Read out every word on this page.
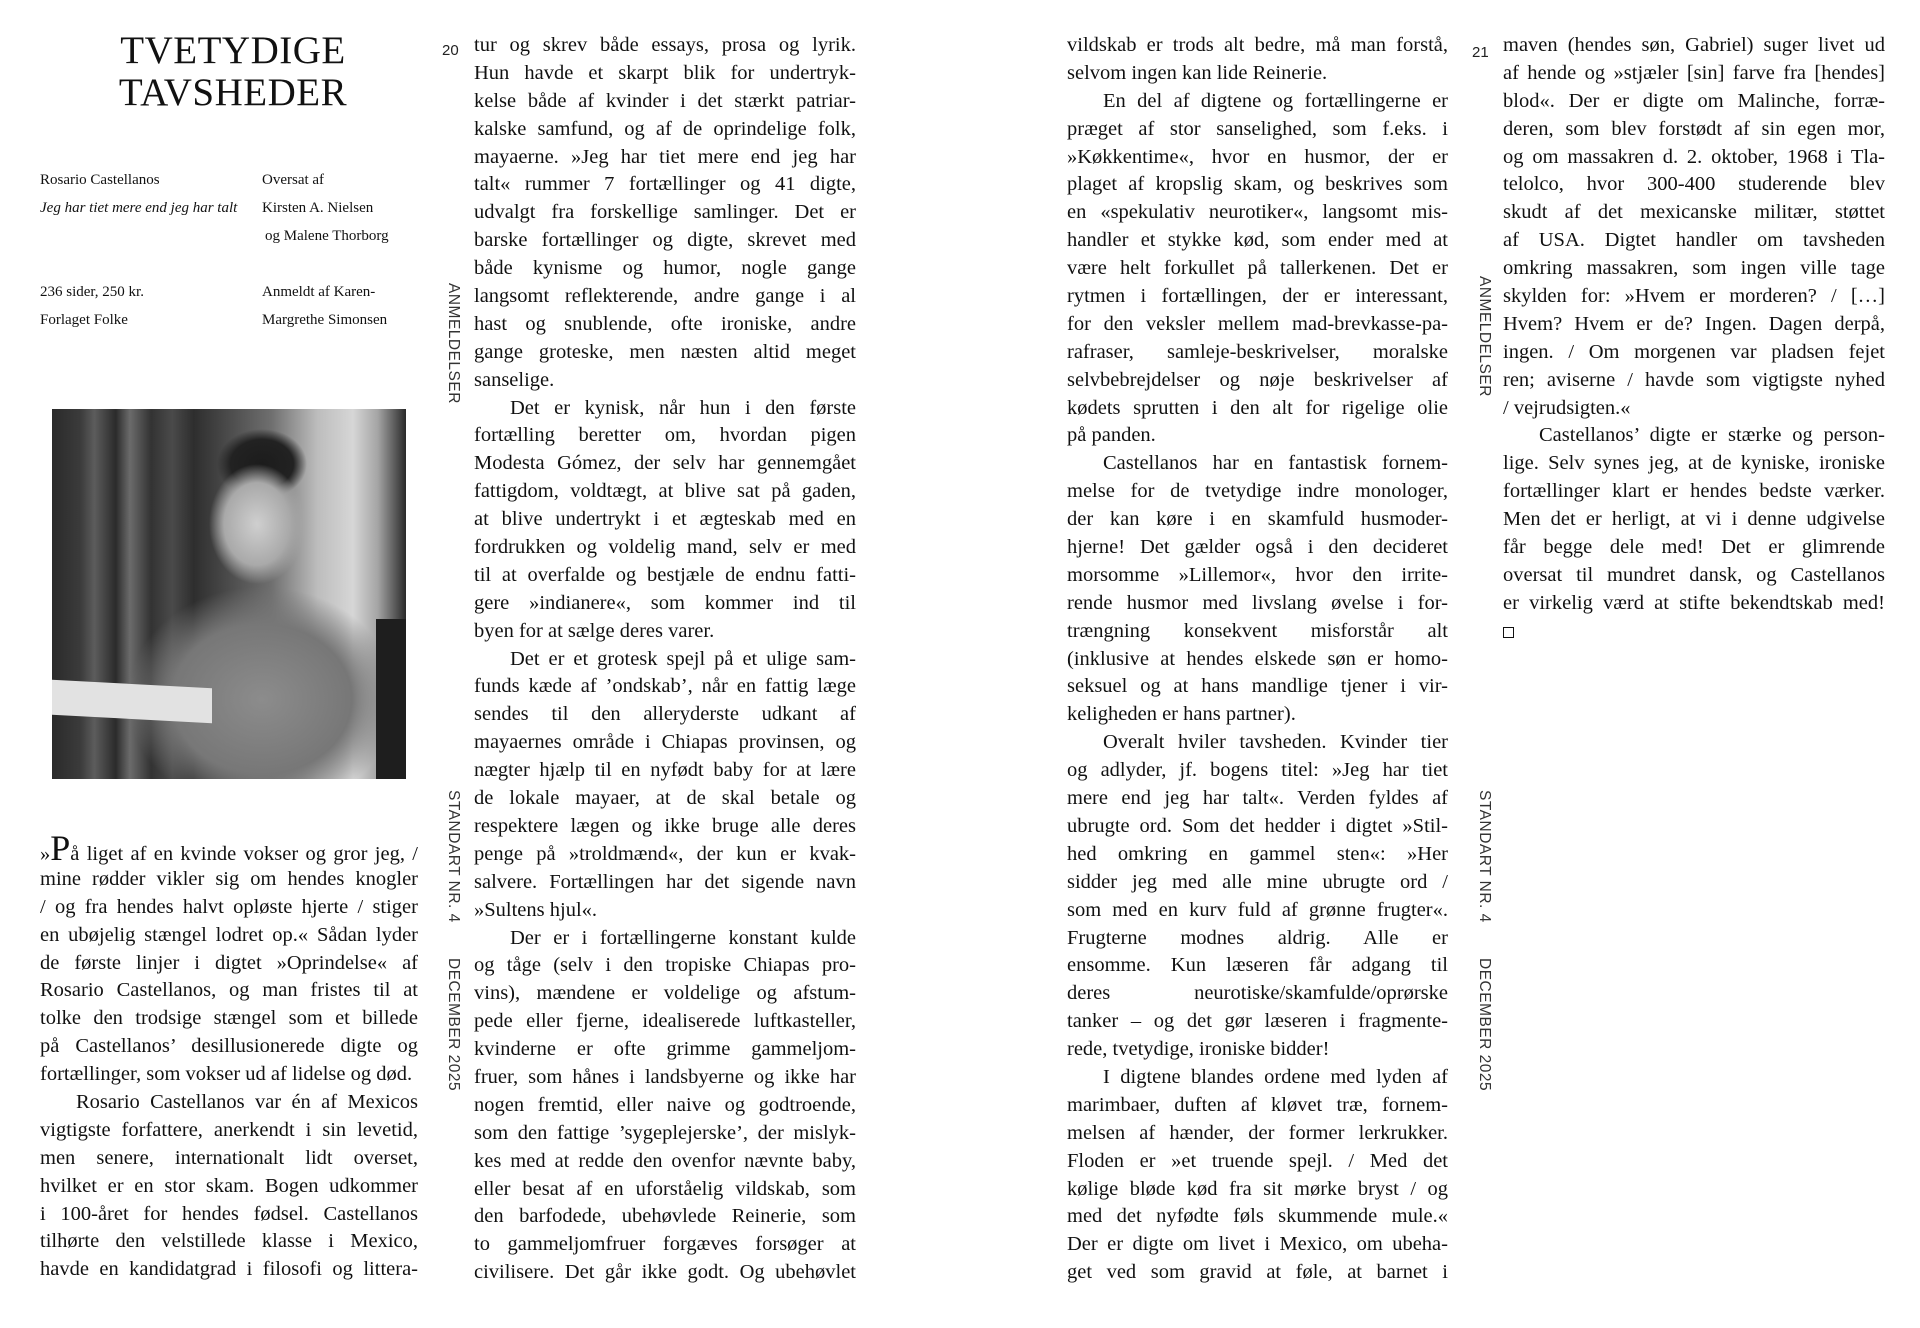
TVETYDIGE
TAVSHEDER
Rosario Castellanos
Jeg har tiet mere end jeg har talt
236 sider, 250 kr.
Forlaget Folke
Oversat af
Kirsten A. Nielsen
og Malene Thorborg
Anmeldt af Karen-
Margrethe Simonsen
»På liget af en kvinde vokser og gror jeg, /
mine rødder vikler sig om hendes knogler
/ og fra hendes halvt opløste hjerte / stiger
en ubøjelig stængel lodret op.« Sådan lyder
de første linjer i digtet »Oprindelse« af
Rosario Castellanos, og man fristes til at
tolke den trodsige stængel som et billede
på Castellanos’ desillusionerede digte og
fortællinger, som vokser ud af lidelse og død.
Rosario Castellanos var én af Mexicos
vigtigste forfattere, anerkendt i sin levetid,
men senere, internationalt lidt overset,
hvilket er en stor skam. Bogen udkommer
i 100-året for hendes fødsel. Castellanos
tilhørte den velstillede klasse i Mexico,
havde en kandidatgrad i filosofi og littera-
20
ANMELDELSER
STANDART NR. 4
DECEMBER 2025
tur og skrev både essays, prosa og lyrik.
Hun havde et skarpt blik for undertryk-
kelse både af kvinder i det stærkt patriar-
kalske samfund, og af de oprindelige folk,
mayaerne. »Jeg har tiet mere end jeg har
talt« rummer 7 fortællinger og 41 digte,
udvalgt fra forskellige samlinger. Det er
barske fortællinger og digte, skrevet med
både kynisme og humor, nogle gange
langsomt reflekterende, andre gange i al
hast og snublende, ofte ironiske, andre
gange groteske, men næsten altid meget
sanselige.
Det er kynisk, når hun i den første
fortælling beretter om, hvordan pigen
Modesta Gómez, der selv har gennemgået
fattigdom, voldtægt, at blive sat på gaden,
at blive undertrykt i et ægteskab med en
fordrukken og voldelig mand, selv er med
til at overfalde og bestjæle de endnu fatti-
gere »indianere«, som kommer ind til
byen for at sælge deres varer.
Det er et grotesk spejl på et ulige sam-
funds kæde af ’ondskab’, når en fattig læge
sendes til den alleryderste udkant af
mayaernes område i Chiapas provinsen, og
nægter hjælp til en nyfødt baby for at lære
de lokale mayaer, at de skal betale og
respektere lægen og ikke bruge alle deres
penge på »troldmænd«, der kun er kvak-
salvere. Fortællingen har det sigende navn
»Sultens hjul«.
Der er i fortællingerne konstant kulde
og tåge (selv i den tropiske Chiapas pro-
vins), mændene er voldelige og afstum-
pede eller fjerne, idealiserede luftkasteller,
kvinderne er ofte grimme gammeljom-
fruer, som hånes i landsbyerne og ikke har
nogen fremtid, eller naive og godtroende,
som den fattige ’sygeplejerske’, der mislyk-
kes med at redde den ovenfor nævnte baby,
eller besat af en uforståelig vildskab, som
den barfodede, ubehøvlede Reinerie, som
to gammeljomfruer forgæves forsøger at
civilisere. Det går ikke godt. Og ubehøvlet
vildskab er trods alt bedre, må man forstå,
selvom ingen kan lide Reinerie.
En del af digtene og fortællingerne er
præget af stor sanselighed, som f.eks. i
»Køkkentime«, hvor en husmor, der er
plaget af kropslig skam, og beskrives som
en «spekulativ neurotiker«, langsomt mis-
handler et stykke kød, som ender med at
være helt forkullet på tallerkenen. Det er
rytmen i fortællingen, der er interessant,
for den veksler mellem mad-brevkasse-pa-
rafraser, samleje-beskrivelser, moralske
selvbebrejdelser og nøje beskrivelser af
kødets sprutten i den alt for rigelige olie
på panden.
Castellanos har en fantastisk fornem-
melse for de tvetydige indre monologer,
der kan køre i en skamfuld husmoder-
hjerne! Det gælder også i den decideret
morsomme »Lillemor«, hvor den irrite-
rende husmor med livslang øvelse i for-
trængning konsekvent misforstår alt
(inklusive at hendes elskede søn er homo-
seksuel og at hans mandlige tjener i vir-
keligheden er hans partner).
Overalt hviler tavsheden. Kvinder tier
og adlyder, jf. bogens titel: »Jeg har tiet
mere end jeg har talt«. Verden fyldes af
ubrugte ord. Som det hedder i digtet »Stil-
hed omkring en gammel sten«: »Her
sidder jeg med alle mine ubrugte ord /
som med en kurv fuld af grønne frugter«.
Frugterne modnes aldrig. Alle er
ensomme. Kun læseren får adgang til
deres neurotiske/skamfulde/oprørske
tanker – og det gør læseren i fragmente-
rede, tvetydige, ironiske bidder!
I digtene blandes ordene med lyden af
marimbaer, duften af kløvet træ, fornem-
melsen af hænder, der former lerkrukker.
Floden er »et truende spejl. / Med det
kølige bløde kød fra sit mørke bryst / og
med det nyfødte føls skummende mule.«
Der er digte om livet i Mexico, om ubeha-
get ved som gravid at føle, at barnet i
21
ANMELDELSER
STANDART NR. 4
DECEMBER 2025
maven (hendes søn, Gabriel) suger livet ud
af hende og »stjæler [sin] farve fra [hendes]
blod«. Der er digte om Malinche, forræ-
deren, som blev forstødt af sin egen mor,
og om massakren d. 2. oktober, 1968 i Tla-
telolco, hvor 300-400 studerende blev
skudt af det mexicanske militær, støttet
af USA. Digtet handler om tavsheden
omkring massakren, som ingen ville tage
skylden for: »Hvem er morderen? / […]
Hvem? Hvem er de? Ingen. Dagen derpå,
ingen. / Om morgenen var pladsen fejet
ren; aviserne / havde som vigtigste nyhed
/ vejrudsigten.«
Castellanos’ digte er stærke og person-
lige. Selv synes jeg, at de kyniske, ironiske
fortællinger klart er hendes bedste værker.
Men det er herligt, at vi i denne udgivelse
får begge dele med! Det er glimrende
oversat til mundret dansk, og Castellanos
er virkelig værd at stifte bekendtskab med!
